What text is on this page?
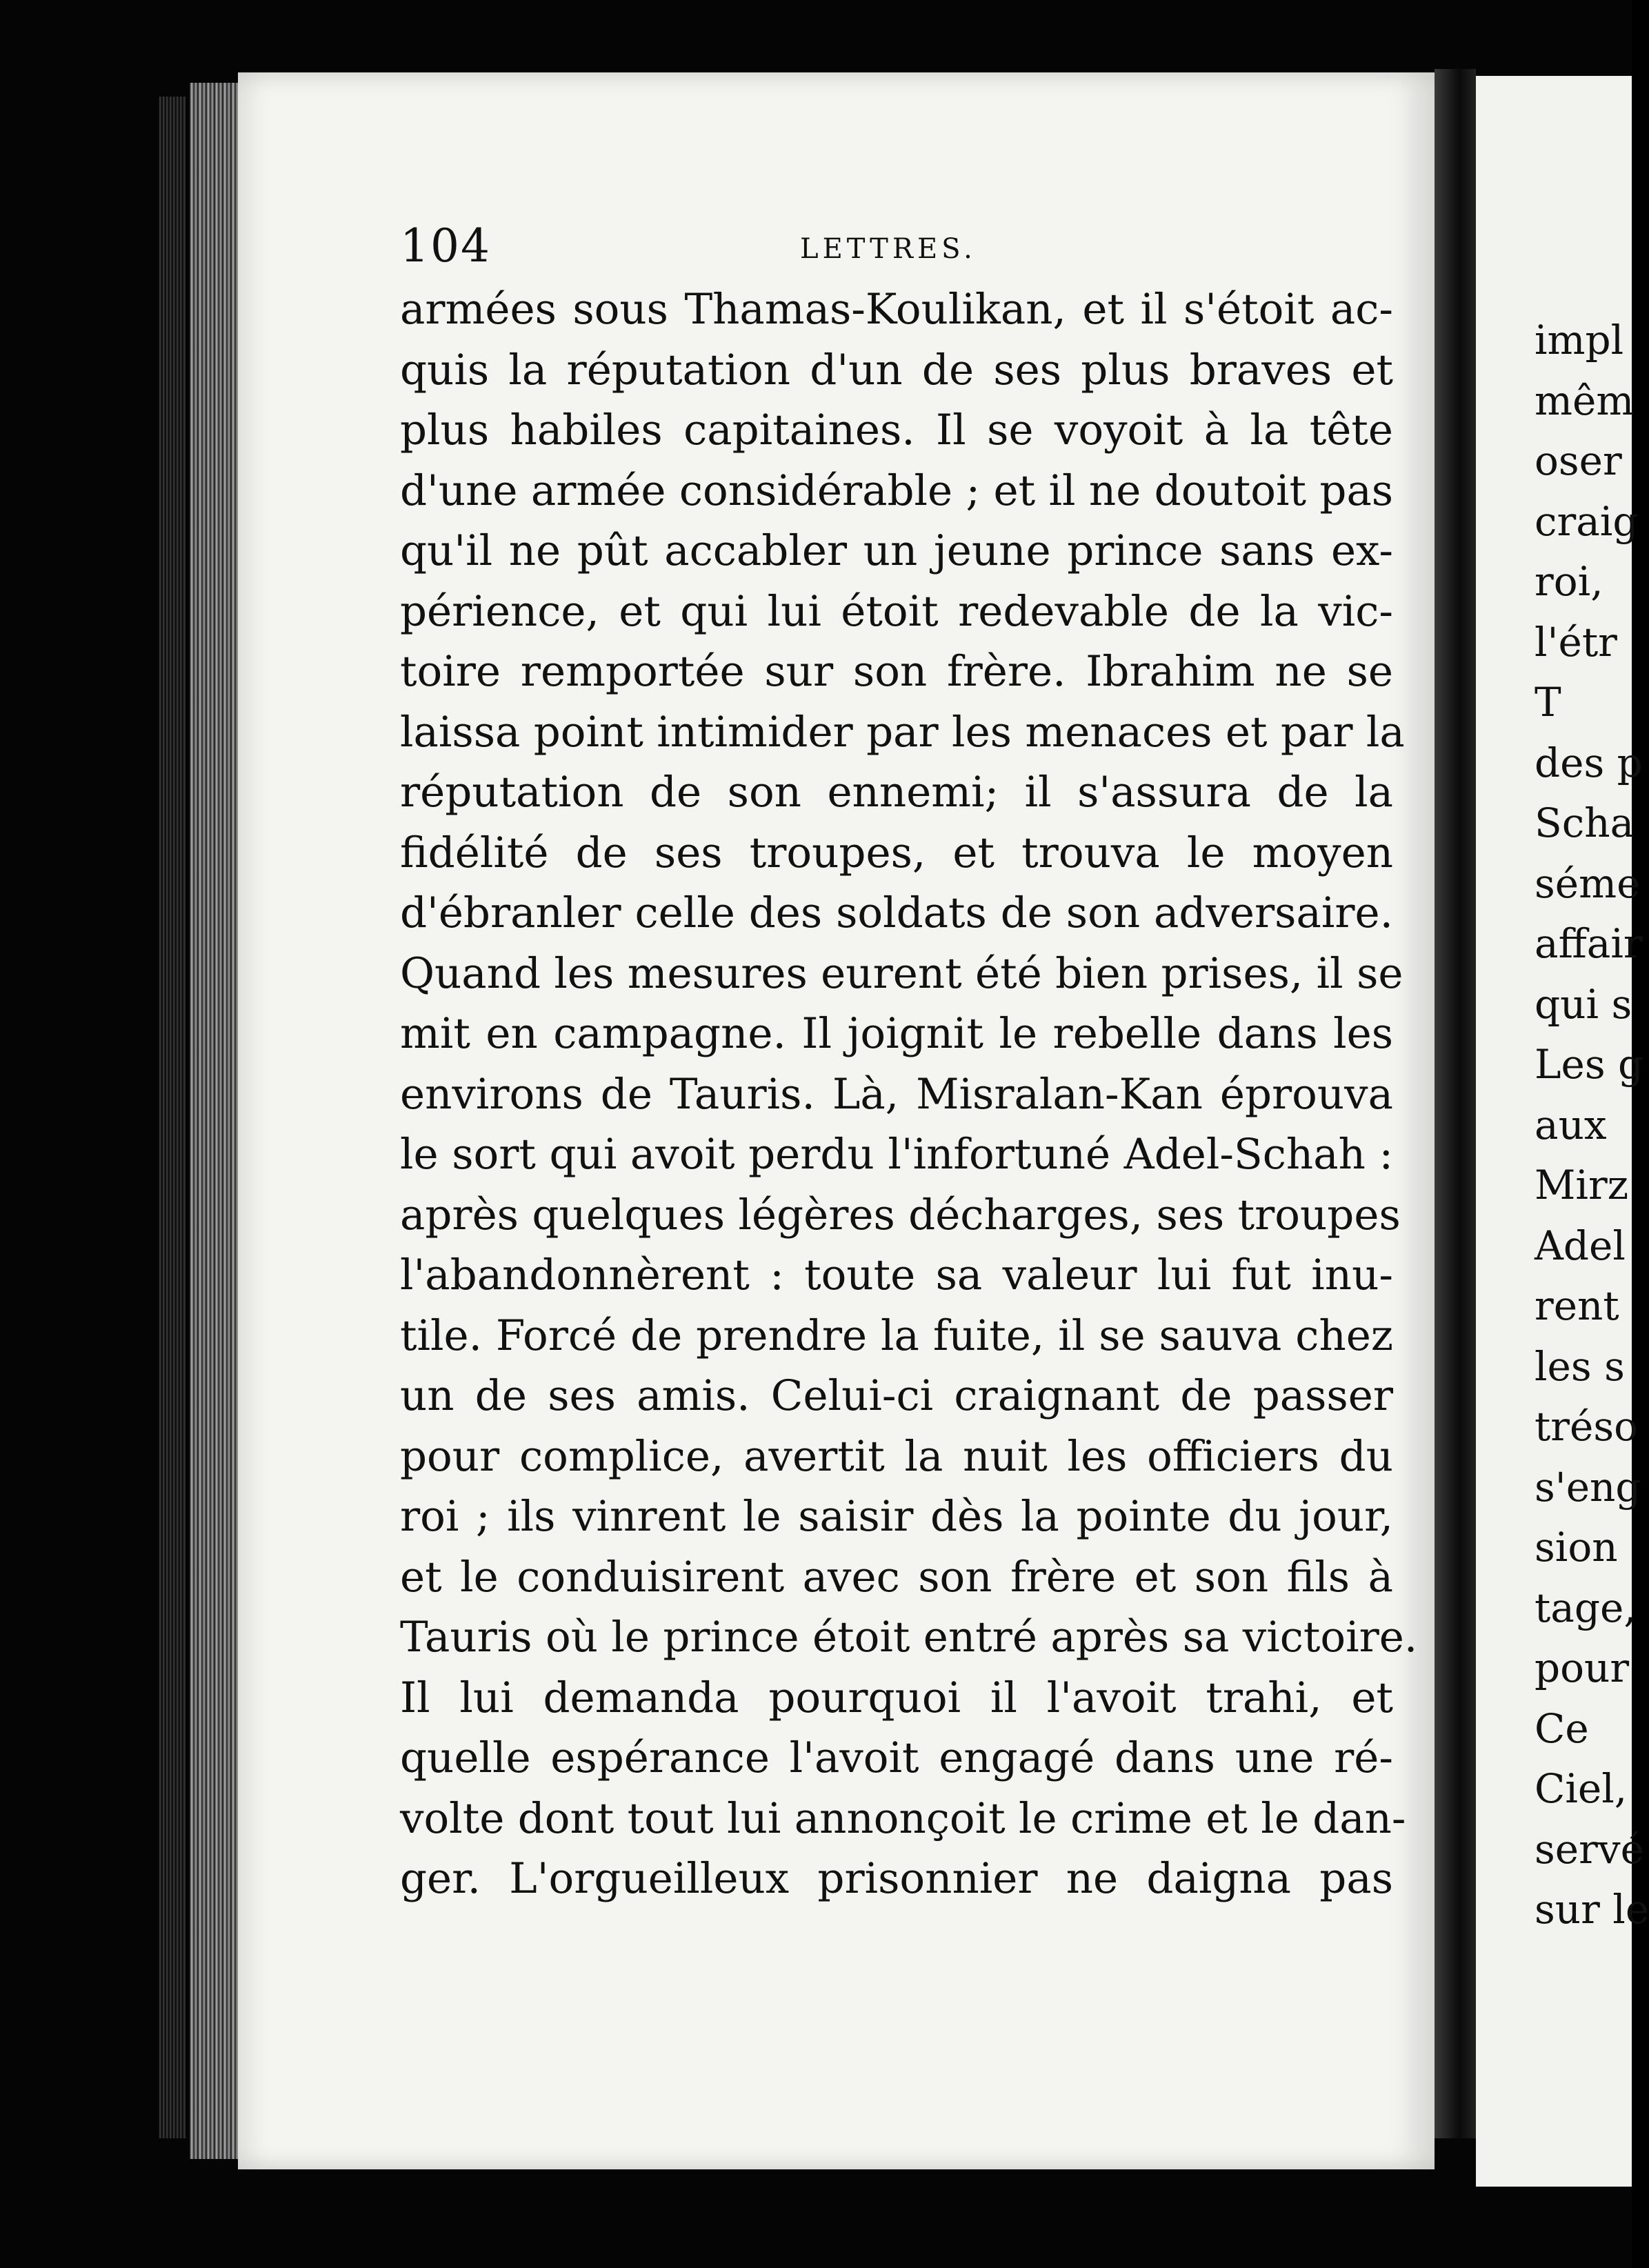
104	LETTRES.
armées sous Thamas-Koulikan, et il s'étoit ac-
quis la réputation d'un de ses plus braves et
plus habiles capitaines. Il se voyoit à la tête
d'une armée considérable ; et il ne doutoit pas
qu'il ne pût accabler un jeune prince sans ex-
périence, et qui lui étoit redevable de la vic-
toire remportée sur son frère. Ibrahim ne se
laissa point intimider par les menaces et par la
réputation de son ennemi; il s'assura de la
fidélité de ses troupes, et trouva le moyen
d'ébranler celle des soldats de son adversaire.
Quand les mesures eurent été bien prises, il se
mit en campagne. Il joignit le rebelle dans les
environs de Tauris. Là, Misralan-Kan éprouva
le sort qui avoit perdu l'infortuné Adel-Schah :
après quelques légères décharges, ses troupes
l'abandonnèrent : toute sa valeur lui fut inu-
tile. Forcé de prendre la fuite, il se sauva chez
un de ses amis. Celui-ci craignant de passer
pour complice, avertit la nuit les officiers du
roi ; ils vinrent le saisir dès la pointe du jour,
et le conduisirent avec son frère et son fils à
Tauris où le prince étoit entré après sa victoire.
Il lui demanda pourquoi il l'avoit trahi, et
quelle espérance l'avoit engagé dans une ré-
volte dont tout lui annonçoit le crime et le dan-
ger. L'orgueilleux prisonnier ne daigna pas
impl
mêm
oser
craig
roi,
l'étr
T
des p
Scha
séme
affair
qui s
Les g
aux
Mirz
Adel
rent
les s
tréso
s'eng
sion
tage,
pour
Ce
Ciel,
servé
sur le
